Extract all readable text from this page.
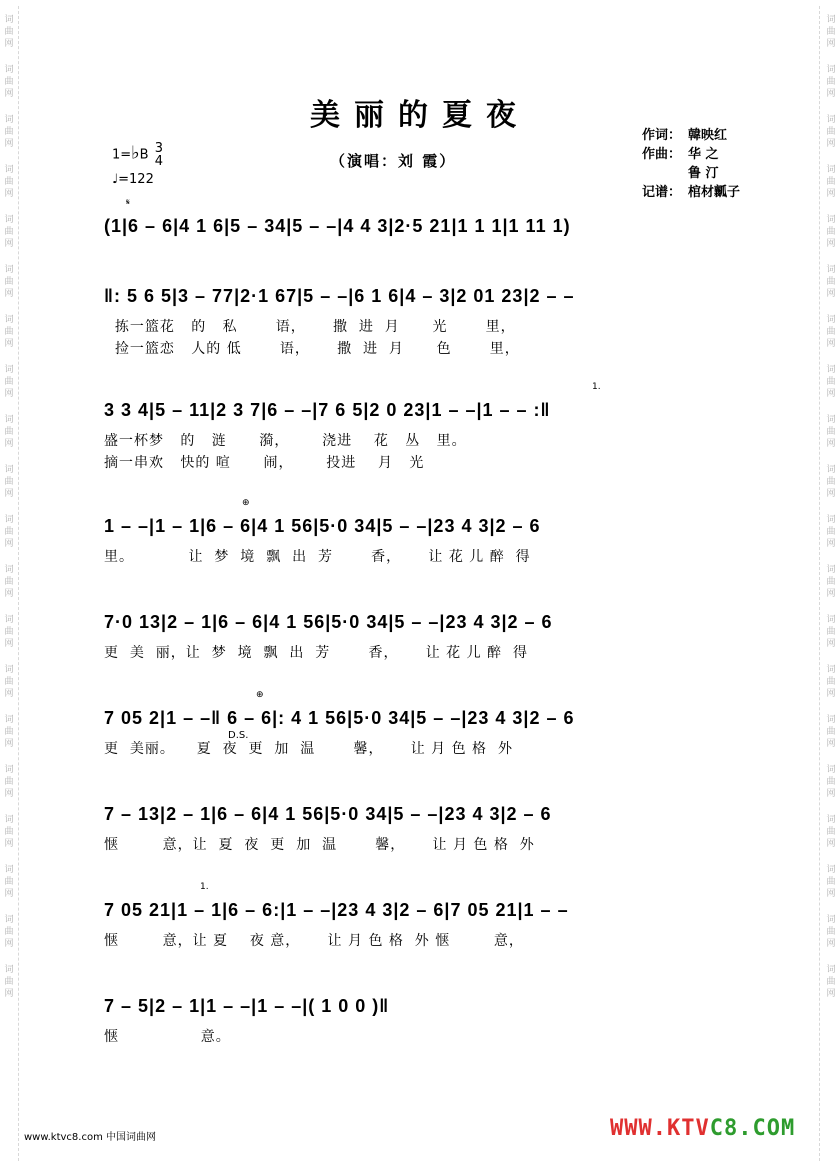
词曲网
词曲网
词曲网
词曲网
词曲网
词曲网
词曲网
词曲网
词曲网
词曲网
词曲网
词曲网
词曲网
词曲网
词曲网
词曲网
词曲网
词曲网
词曲网
词曲网
词曲网
词曲网
词曲网
词曲网
词曲网
词曲网
词曲网
词曲网
词曲网
词曲网
词曲网
词曲网
词曲网
词曲网
词曲网
词曲网
词曲网
词曲网
词曲网
词曲网
美丽的夏夜
（演唱：刘 霞）
1=♭B 3
4
♩=122
作词： 韓映红
作曲： 华 之
鲁 汀
记谱： 棺材瓤子
𝄋
(1|6 – 6|4 1 6|5 – 34|5 – –|4 4 3|2·5 21|1 1 1|1 11 1)
‖: 5 6 5|3 – 77|2·1 67|5 – –|6 1 6|4 – 3|2 01 23|2 – –
拣一篮花   的   私       语，     撒  进  月      光       里，
捡一篮恋   人的 低       语，     撒  进  月      色       里，
1.
3 3 4|5 – 11|2 3 7|6 – –|7 6 5|2 0 23|1 – –|1 – – :‖
盛一杯梦   的   涟      漪，      浇进    花   丛   里。
摘一串欢   快的 喧      闹，      投进    月   光
⊕
1 – –|1 – 1|6 – 6|4 1 56|5·0 34|5 – –|23 4 3|2 – 6
里。          让  梦  境  飘  出  芳       香，     让 花 儿 醉  得
7·0 13|2 – 1|6 – 6|4 1 56|5·0 34|5 – –|23 4 3|2 – 6
更  美  丽，让  梦  境  飘  出  芳       香，     让 花 儿 醉  得
⊕
D.S.
7 05 2|1 – –‖ 6 – 6|: 4 1 56|5·0 34|5 – –|23 4 3|2 – 6
更  美丽。    夏  夜  更  加  温       馨，     让 月 色 格  外
7 – 13|2 – 1|6 – 6|4 1 56|5·0 34|5 – –|23 4 3|2 – 6
惬        意，让  夏  夜  更  加  温       馨，     让 月 色 格  外
1.
7 05 21|1 – 1|6 – 6:|1 – –|23 4 3|2 – 6|7 05 21|1 – –
惬        意，让 夏    夜 意，     让 月 色 格  外 惬        意，
7 – 5|2 – 1|1 – –|1 – –|( 1 0 0 )‖
惬               意。
www.ktvc8.com 中国词曲网	WWW.KTVC8.COM
